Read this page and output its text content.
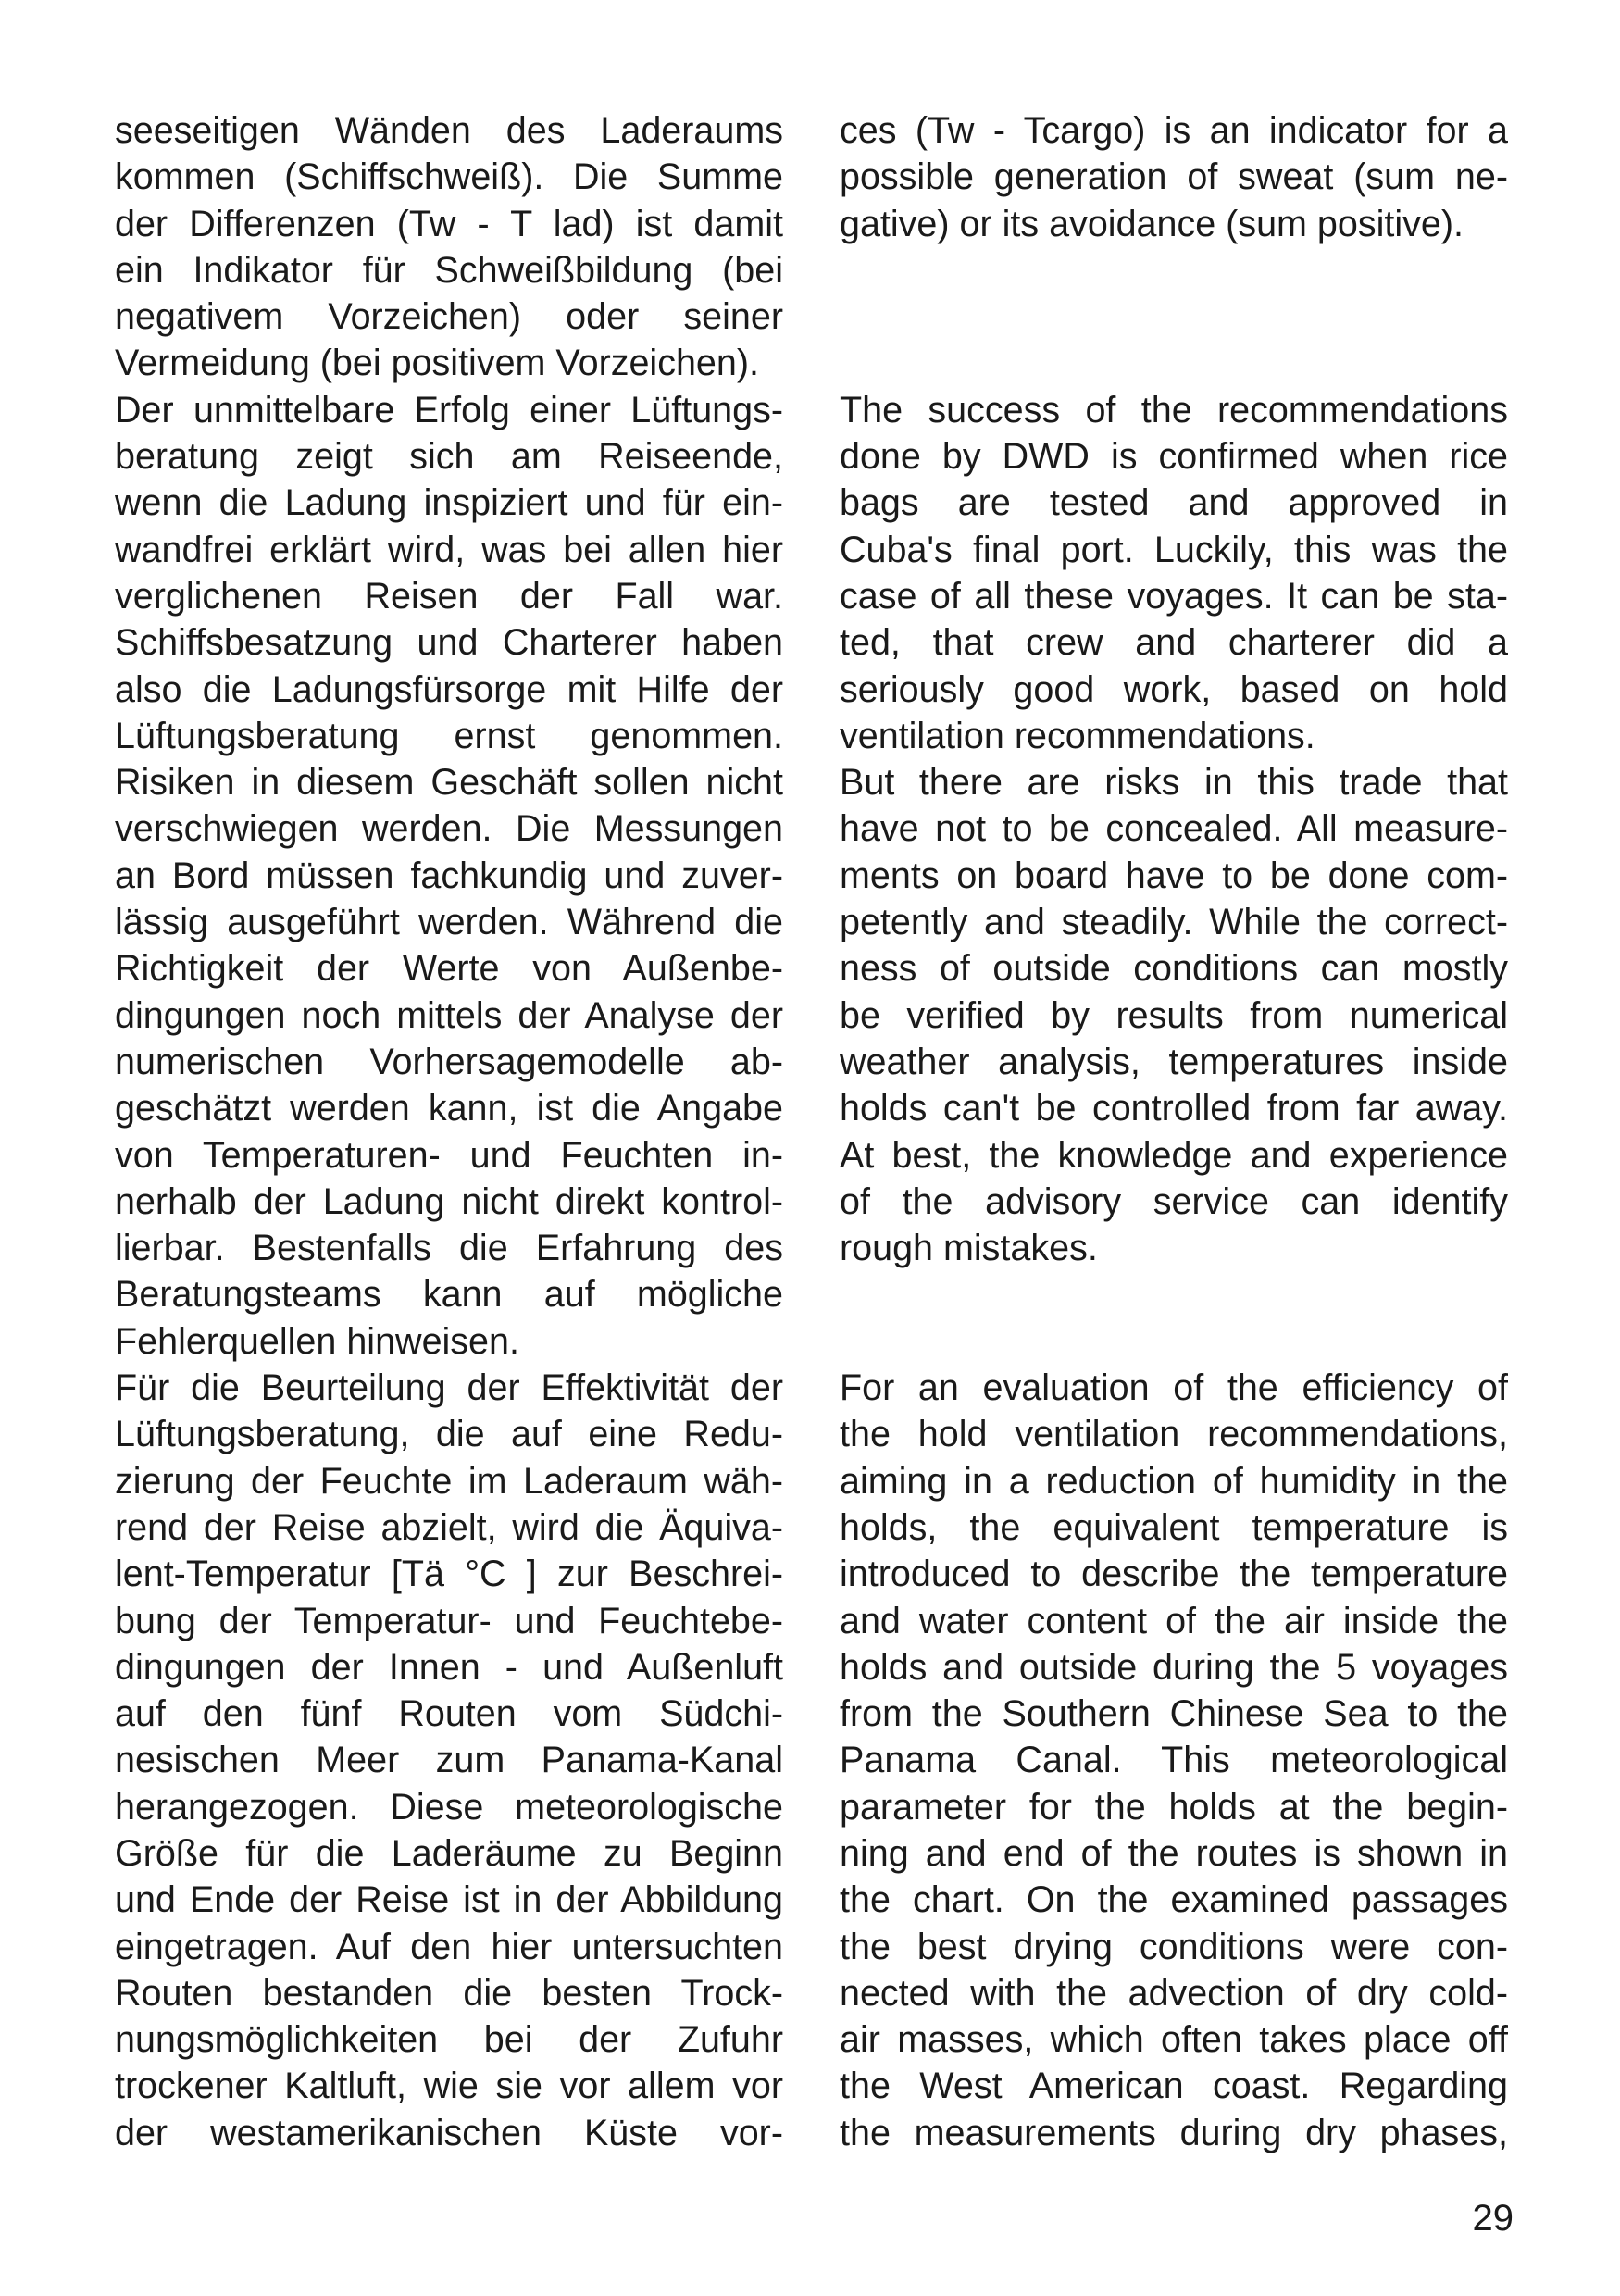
seeseitigen Wänden des Laderaums
kommen (Schiffschweiß). Die Summe
der Differenzen (Tw - T lad) ist damit
ein Indikator für Schweißbildung (bei
negativem Vorzeichen) oder seiner
Vermeidung (bei positivem Vorzeichen).

Der unmittelbare Erfolg einer Lüftungs-
beratung zeigt sich am Reiseende,
wenn die Ladung inspiziert und für ein-
wandfrei erklärt wird, was bei allen hier
verglichenen Reisen der Fall war.
Schiffsbesatzung und Charterer haben
also die Ladungsfürsorge mit Hilfe der
Lüftungsberatung ernst genommen.
Risiken in diesem Geschäft sollen nicht
verschwiegen werden. Die Messungen
an Bord müssen fachkundig und zuver-
lässig ausgeführt werden. Während die
Richtigkeit der Werte von Außenbe-
dingungen noch mittels der Analyse der
numerischen Vorhersagemodelle ab-
geschätzt werden kann, ist die Angabe
von Temperaturen- und Feuchten in-
nerhalb der Ladung nicht direkt kontrol-
lierbar. Bestenfalls die Erfahrung des
Beratungsteams kann auf mögliche
Fehlerquellen hinweisen.

Für die Beurteilung der Effektivität der
Lüftungsberatung, die auf eine Redu-
zierung der Feuchte im Laderaum wäh-
rend der Reise abzielt, wird die Äquiva-
lent-Temperatur [Tä °C ] zur Beschrei-
bung der Temperatur- und Feuchtebe-
dingungen der Innen - und Außenluft
auf den fünf Routen vom Südchi-
nesischen Meer zum Panama-Kanal
herangezogen. Diese meteorologische
Größe für die Laderäume zu Beginn
und Ende der Reise ist in der Abbildung
eingetragen. Auf den hier untersuchten
Routen bestanden die besten Trock-
nungsmöglichkeiten bei der Zufuhr
trockener Kaltluft, wie sie vor allem vor
der westamerikanischen Küste vor-

ces (Tw - Tcargo) is an indicator for a
possible generation of sweat (sum ne-
gative) or its avoidance (sum positive).

The success of the recommendations
done by DWD is confirmed when rice
bags are tested and approved in
Cuba's final port. Luckily, this was the
case of all these voyages. It can be sta-
ted, that crew and charterer did a
seriously good work, based on hold
ventilation recommendations.

But there are risks in this trade that
have not to be concealed. All measure-
ments on board have to be done com-
petently and steadily. While the correct-
ness of outside conditions can mostly
be verified by results from numerical
weather analysis, temperatures inside
holds can't be controlled from far away.
At best, the knowledge and experience
of the advisory service can identify
rough mistakes.

For an evaluation of the efficiency of
the hold ventilation recommendations,
aiming in a reduction of humidity in the
holds, the equivalent temperature is
introduced to describe the temperature
and water content of the air inside the
holds and outside during the 5 voyages
from the Southern Chinese Sea to the
Panama Canal. This meteorological
parameter for the holds at the begin-
ning and end of the routes is shown in
the chart. On the examined passages
the best drying conditions were con-
nected with the advection of dry cold-
air masses, which often takes place off
the West American coast. Regarding
the measurements during dry phases,

29
